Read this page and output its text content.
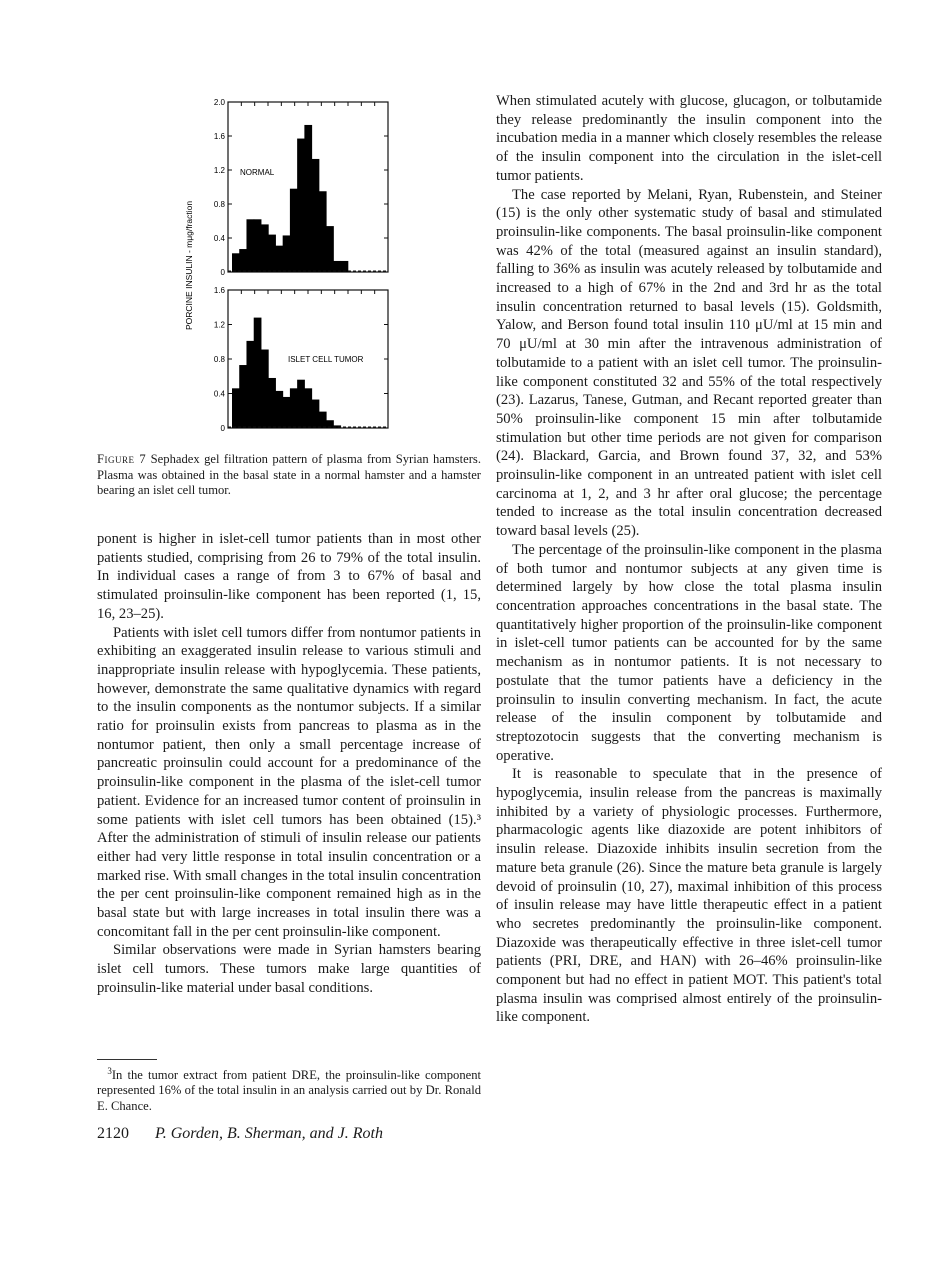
PORCINE INSULIN - mμg/fraction	0
0.4
0.8
1.2
1.6
2.0
NORMAL
0
0.4
0.8
1.2
1.6
ISLET CELL TUMOR
Figure 7 Sephadex gel filtration pattern of plasma from Syrian hamsters. Plasma was obtained in the basal state in a normal hamster and a hamster bearing an islet cell tumor.

ponent is higher in islet-cell tumor patients than in most other patients studied, comprising from 26 to 79% of the total insulin. In individual cases a range of from 3 to 67% of basal and stimulated proinsulin-like component has been reported (1, 15, 16, 23–25).

Patients with islet cell tumors differ from nontumor patients in exhibiting an exaggerated insulin release to various stimuli and inappropriate insulin release with hypoglycemia. These patients, however, demonstrate the same qualitative dynamics with regard to the insulin components as the nontumor subjects. If a similar ratio for proinsulin exists from pancreas to plasma as in the nontumor patient, then only a small percentage increase of pancreatic proinsulin could account for a predominance of the proinsulin-like component in the plasma of the islet-cell tumor patient. Evidence for an increased tumor content of proinsulin in some patients with islet cell tumors has been obtained (15).³ After the administration of stimuli of insulin release our patients either had very little response in total insulin concentration or a marked rise. With small changes in the total insulin concentration the per cent proinsulin-like component remained high as in the basal state but with large increases in total insulin there was a concomitant fall in the per cent proinsulin-like component.

Similar observations were made in Syrian hamsters bearing islet cell tumors. These tumors make large quantities of proinsulin-like material under basal conditions.

When stimulated acutely with glucose, glucagon, or tolbutamide they release predominantly the insulin component into the incubation media in a manner which closely resembles the release of the insulin component into the circulation in the islet-cell tumor patients.

The case reported by Melani, Ryan, Rubenstein, and Steiner (15) is the only other systematic study of basal and stimulated proinsulin-like components. The basal proinsulin-like component was 42% of the total (measured against an insulin standard), falling to 36% as insulin was acutely released by tolbutamide and increased to a high of 67% in the 2nd and 3rd hr as the total insulin concentration returned to basal levels (15). Goldsmith, Yalow, and Berson found total insulin 110 μU/ml at 15 min and 70 μU/ml at 30 min after the intravenous administration of tolbutamide to a patient with an islet cell tumor. The proinsulin-like component constituted 32 and 55% of the total respectively (23). Lazarus, Tanese, Gutman, and Recant reported greater than 50% proinsulin-like component 15 min after tolbutamide stimulation but other time periods are not given for comparison (24). Blackard, Garcia, and Brown found 37, 32, and 53% proinsulin-like component in an untreated patient with islet cell carcinoma at 1, 2, and 3 hr after oral glucose; the percentage tended to increase as the total insulin concentration decreased toward basal levels (25).

The percentage of the proinsulin-like component in the plasma of both tumor and nontumor subjects at any given time is determined largely by how close the total plasma insulin concentration approaches concentrations in the basal state. The quantitatively higher proportion of the proinsulin-like component in islet-cell tumor patients can be accounted for by the same mechanism as in nontumor patients. It is not necessary to postulate that the tumor patients have a deficiency in the proinsulin to insulin converting mechanism. In fact, the acute release of the insulin component by tolbutamide and streptozotocin suggests that the converting mechanism is operative.

It is reasonable to speculate that in the presence of hypoglycemia, insulin release from the pancreas is maximally inhibited by a variety of physiologic processes. Furthermore, pharmacologic agents like diazoxide are potent inhibitors of insulin release. Diazoxide inhibits insulin secretion from the mature beta granule (26). Since the mature beta granule is largely devoid of proinsulin (10, 27), maximal inhibition of this process of insulin release may have little therapeutic effect in a patient who secretes predominantly the proinsulin-like component. Diazoxide was therapeutically effective in three islet-cell tumor patients (PRI, DRE, and HAN) with 26–46% proinsulin-like component but had no effect in patient MOT. This patient's total plasma insulin was comprised almost entirely of the proinsulin-like component.

$^3$In the tumor extract from patient DRE, the proinsulin-like component represented 16% of the total insulin in an analysis carried out by Dr. Ronald E. Chance.
2120 P. Gorden, B. Sherman, and J. Roth
